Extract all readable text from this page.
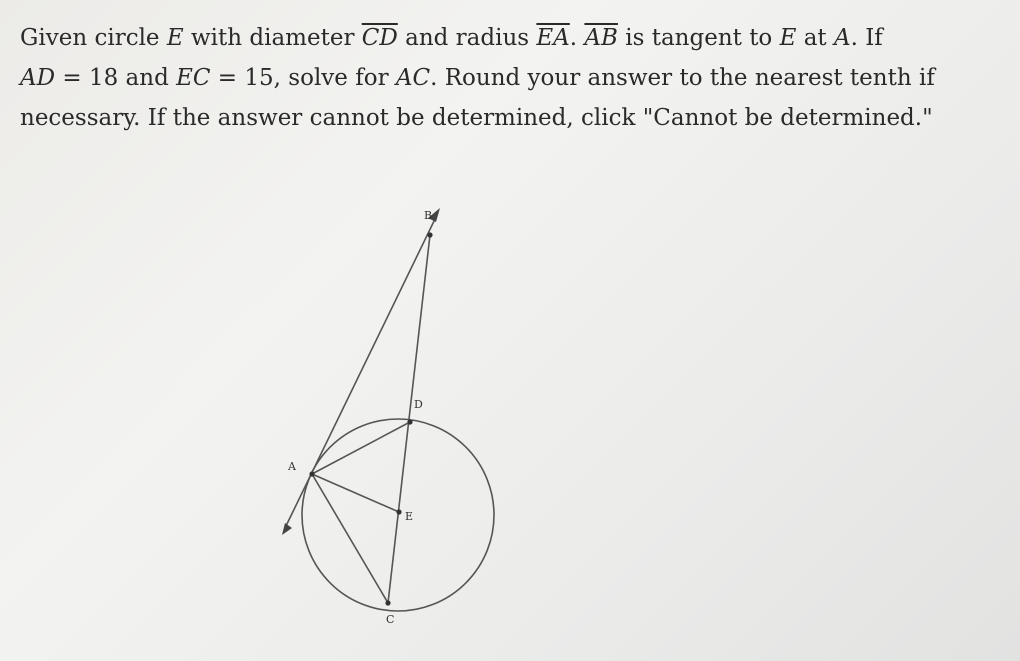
Given circle E with diameter $\overline{CD}$ and radius $\overline{EA}$. $\overline{AB}$ is tangent to E at A. If
AD = 18 and EC = 15, solve for AC. Round your answer to the nearest tenth if
necessary. If the answer cannot be determined, click "Cannot be determined."
B
D
A
E
C
